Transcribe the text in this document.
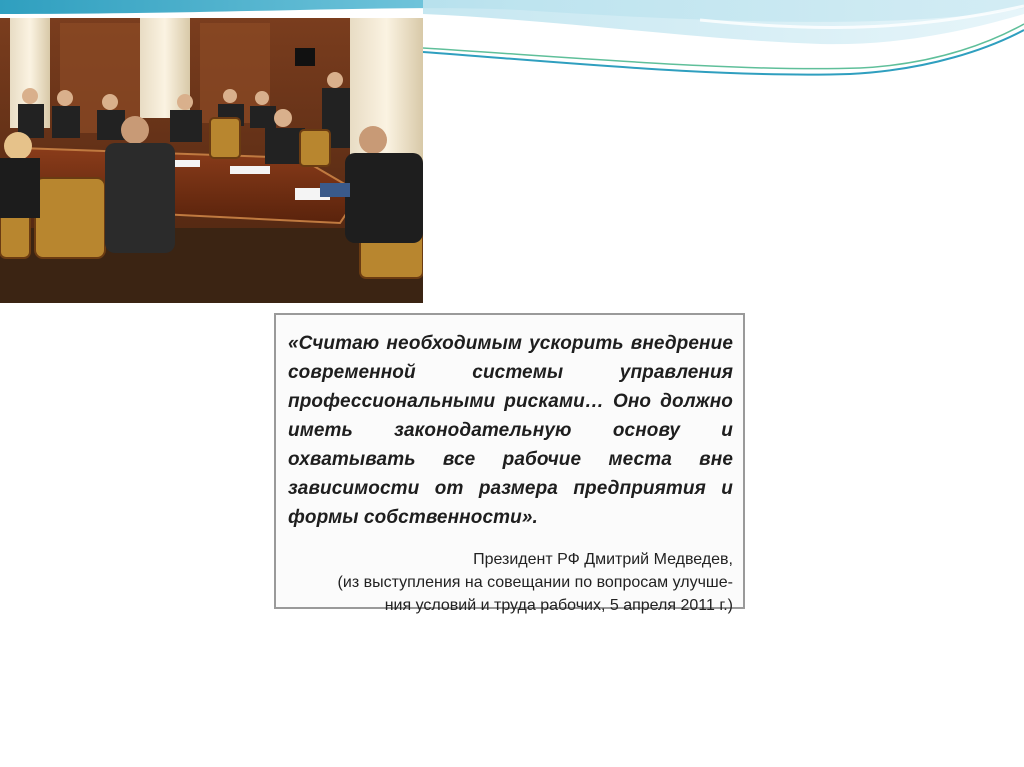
«Считаю необходимым ускорить внедрение современной системы управления профессиональными рисками… Оно должно иметь законодательную основу и охватывать все рабочие места вне зависимости от размера предприятия и формы собственности».

Президент РФ Дмитрий Медведев,
(из выступления на совещании по вопросам улучше-
ния условий и труда рабочих, 5 апреля 2011 г.)
